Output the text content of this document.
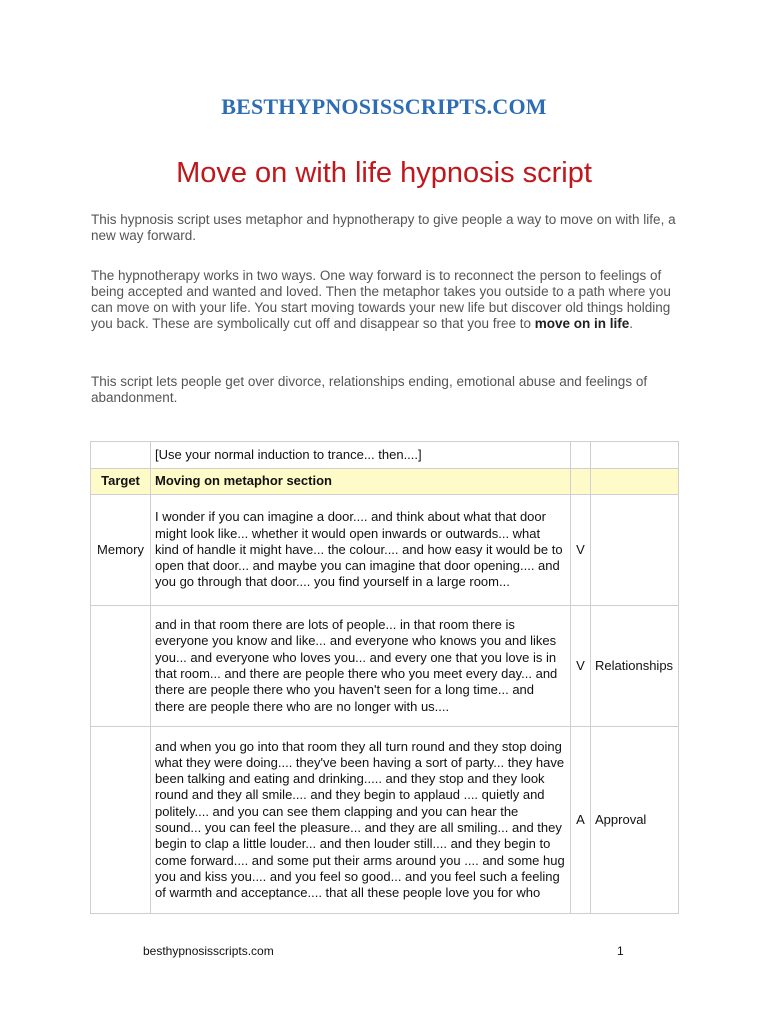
BESTHYPNOSISSCRIPTS.COM
Move on with life hypnosis script
This hypnosis script uses metaphor and hypnotherapy to give people a way to move on with life, a new way forward.
The hypnotherapy works in two ways. One way forward is to reconnect the person to feelings of being accepted and wanted and loved. Then the metaphor takes you outside to a path where you can move on with your life. You start moving towards your new life but discover old things holding you back. These are symbolically cut off and disappear so that you free to move on in life.
This script lets people get over divorce, relationships ending, emotional abuse and feelings of abandonment.
	[Use your normal induction to trance... then....]		
Target	Moving on metaphor section		
Memory	I wonder if you can imagine a door.... and think about what that door might look like... whether it would open inwards or outwards... what kind of handle it might have... the colour.... and how easy it would be to open that door... and maybe you can imagine that door opening.... and you go through that door.... you find yourself in a large room...	V	
	and in that room there are lots of people... in that room there is everyone you know and like... and everyone who knows you and likes you... and everyone who loves you... and every one that you love is in that room... and there are people there who you meet every day... and there are people there who you haven't seen for a long time... and there are people there who are no longer with us....	V	Relationships
	and when you go into that room they all turn round and they stop doing what they were doing.... they've been having a sort of party... they have been talking and eating and drinking..... and they stop and they look round and they all smile.... and they begin to applaud .... quietly and politely.... and you can see them clapping and you can hear the sound... you can feel the pleasure... and they are all smiling... and they begin to clap a little louder... and then louder still.... and they begin to come forward.... and some put their arms around you .... and some hug you and kiss you.... and you feel so good... and you feel such a feeling of warmth and acceptance.... that all these people love you for who	A	Approval
besthypnosisscripts.com	1
